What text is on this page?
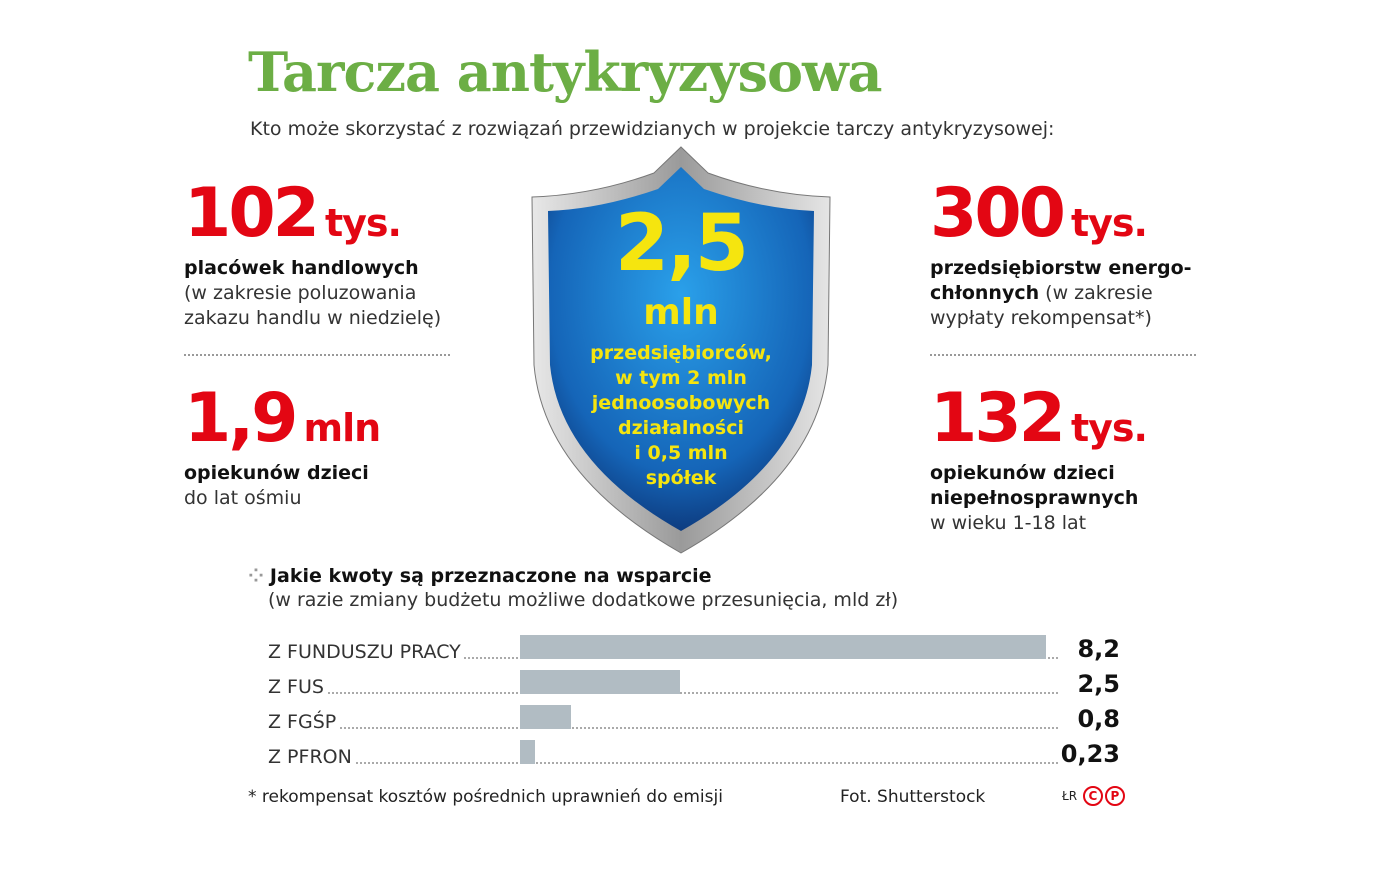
Tarcza antykryzysowa
Kto może skorzystać z rozwiązań przewidzianych w projekcie tarczy antykryzysowej:
102 tys.
placówek handlowych
(w zakresie poluzowania zakazu handlu w niedzielę)
1,9 mln
opiekunów dzieci
do lat ośmiu
300 tys.
przedsiębiorstw energo-chłonnych (w zakresie wypłaty rekompensat*)
132 tys.
opiekunów dzieci niepełnosprawnych
w wieku 1-18 lat
2,5
mln
przedsiębiorców,
w tym 2 mln
jednoosobowych
działalności
i 0,5 mln
spółek
⁘ Jakie kwoty są przeznaczone na wsparcie
(w razie zmiany budżetu możliwe dodatkowe przesunięcia, mld zł)
Z FUNDUSZU PRACY	8,2
Z FUS	2,5
Z FGŚP	0,8
Z PFRON	0,23
* rekompensat kosztów pośrednich uprawnień do emisji	Fot. Shutterstock	ŁR C P
